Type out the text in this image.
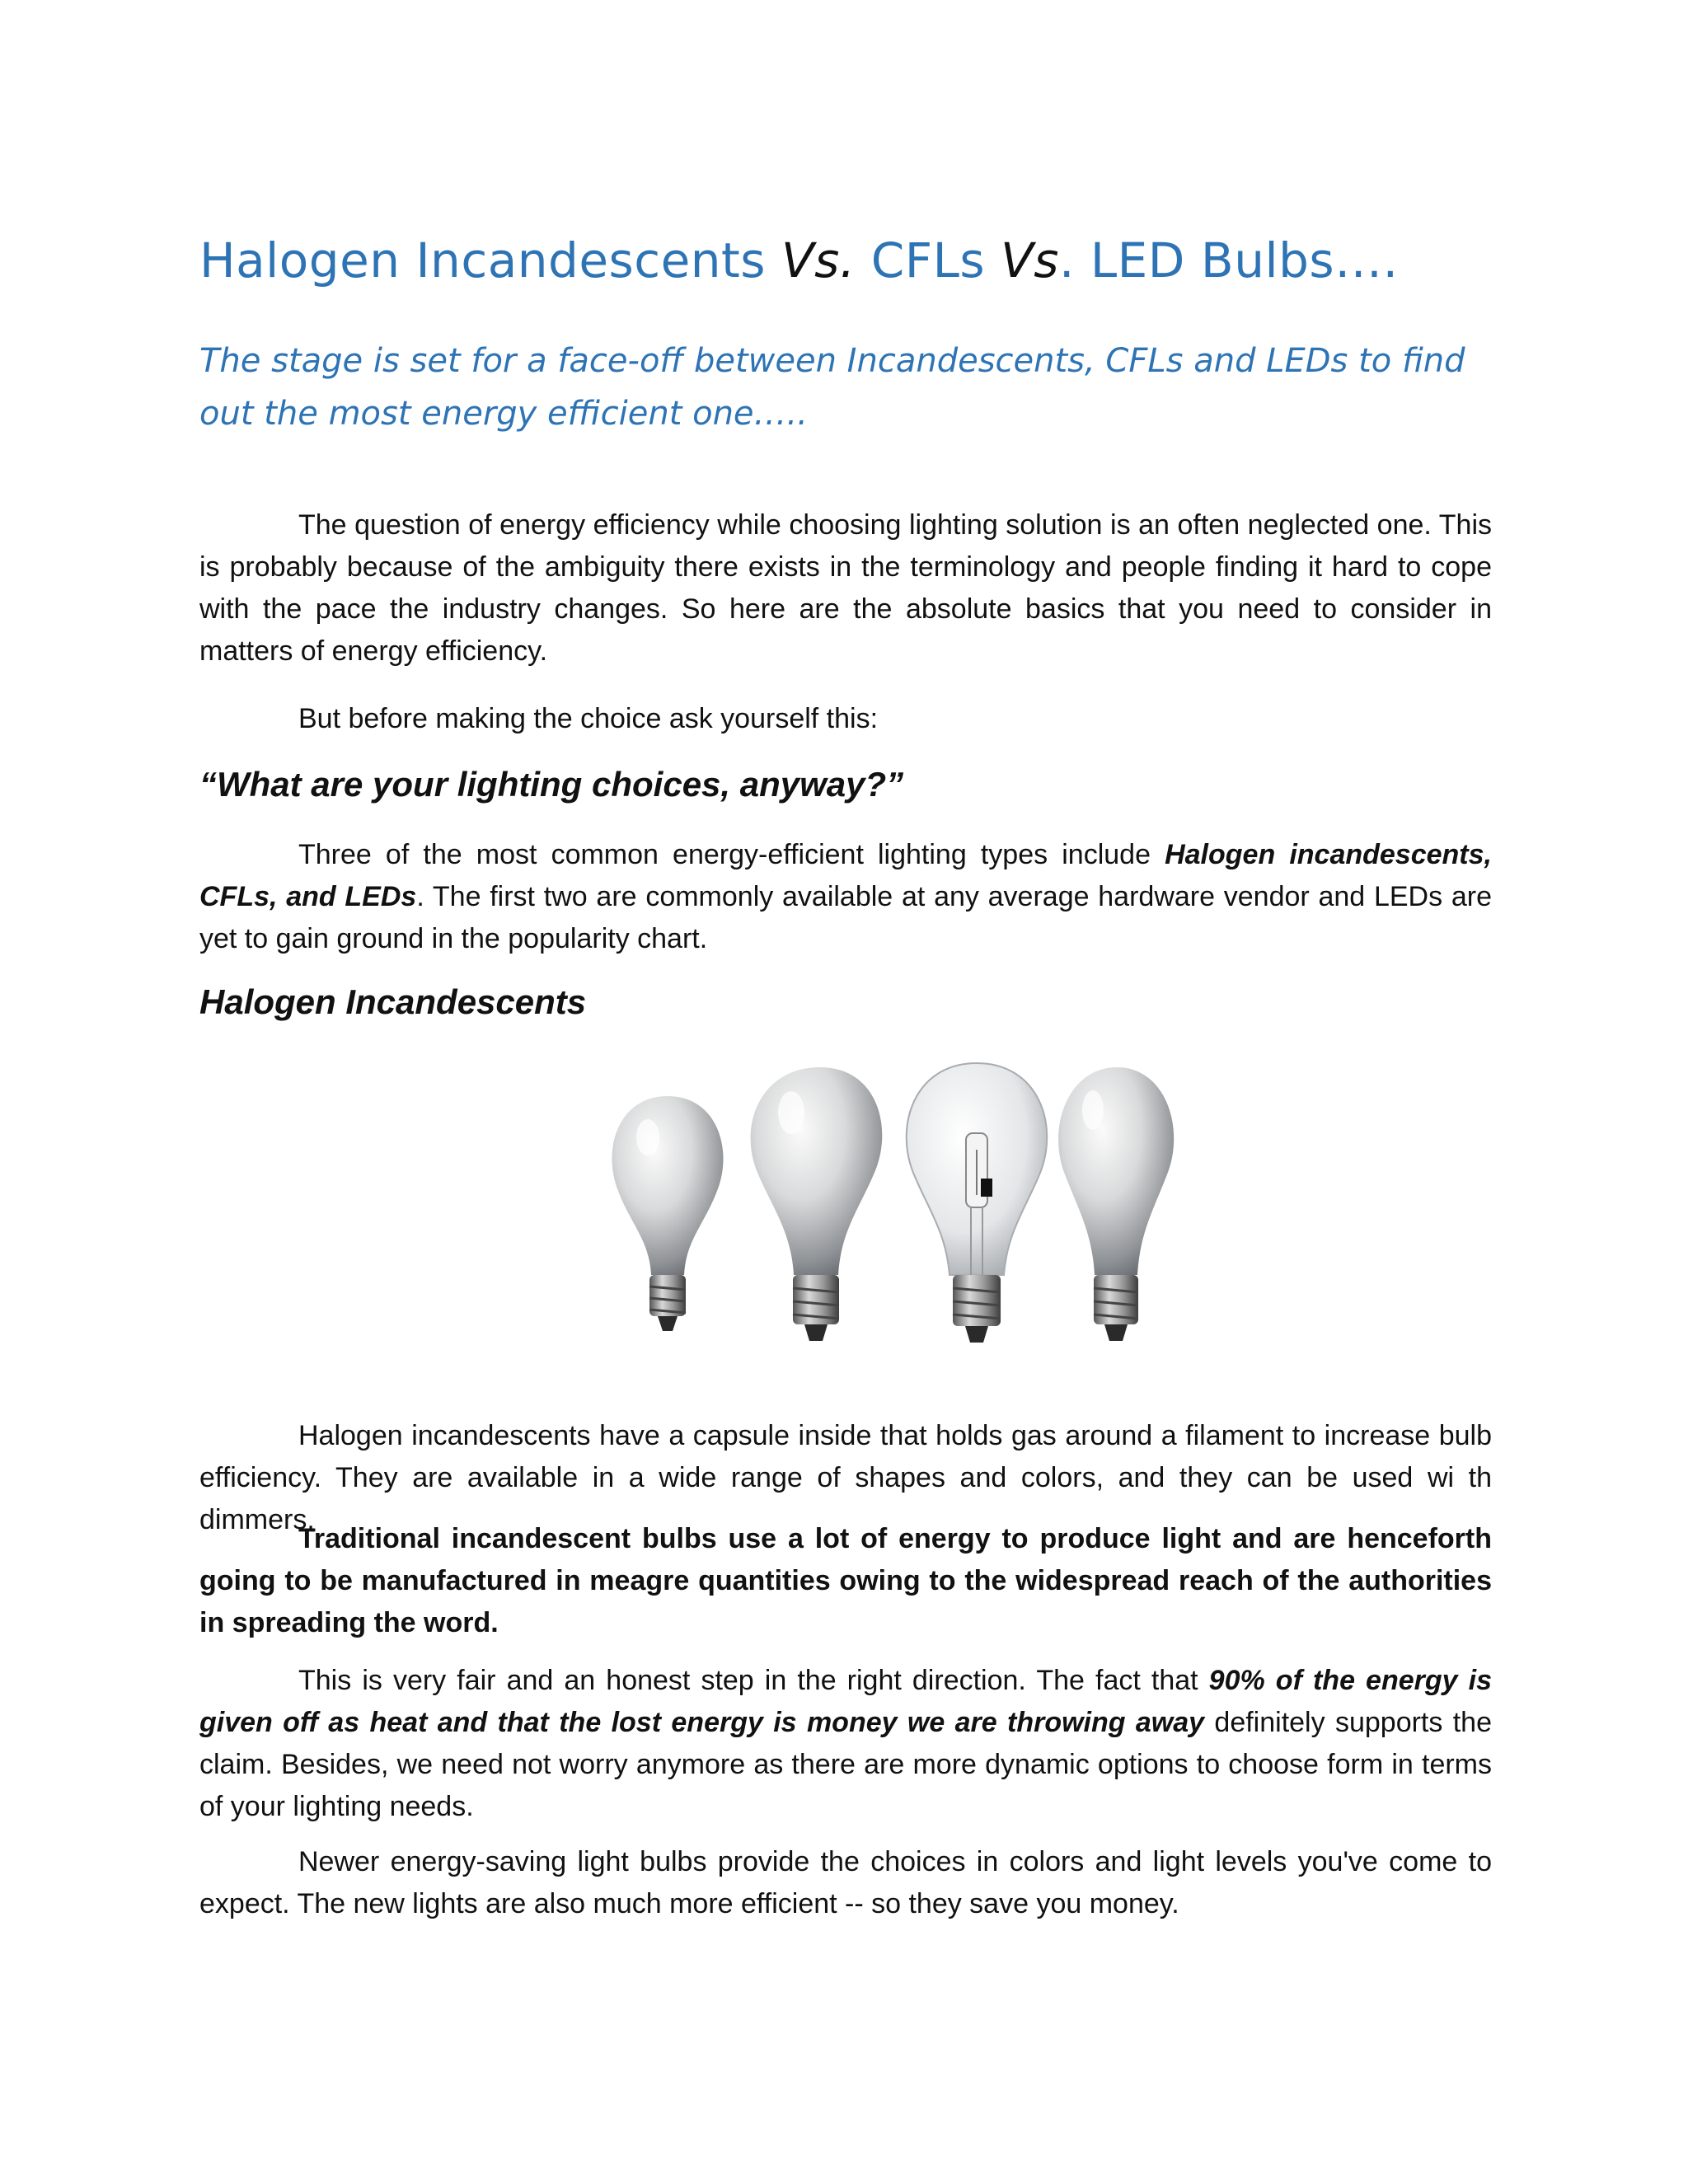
Halogen Incandescents Vs. CFLs Vs. LED Bulbs….
The stage is set for a face-off between Incandescents, CFLs and LEDs to find out the most energy efficient one…..
The question of energy efficiency while choosing lighting solution is an often neglected one. This is probably because of the ambiguity there exists in the terminology and people finding it hard to cope with the pace the industry changes. So here are the absolute basics that you need to consider in matters of energy efficiency.
But before making the choice ask yourself this:
“What are your lighting choices, anyway?”
Three of the most common energy-efficient lighting types include Halogen incandescents, CFLs, and LEDs. The first two are commonly available at any average hardware vendor and LEDs are yet to gain ground in the popularity chart.
Halogen Incandescents
Halogen incandescents have a capsule inside that holds gas around a filament to increase bulb efficiency. They are available in a wide range of shapes and colors, and they can be used wi th dimmers.
Traditional incandescent bulbs use a lot of energy to produce light and are henceforth going to be manufactured in meagre quantities owing to the widespread reach of the authorities in spreading the word.
This is very fair and an honest step in the right direction. The fact that 90% of the energy is given off as heat and that the lost energy is money we are throwing away definitely supports the claim. Besides, we need not worry anymore as there are more dynamic options to choose form in terms of your lighting needs.
Newer energy-saving light bulbs provide the choices in colors and light levels you've come to expect. The new lights are also much more efficient -- so they save you money.
